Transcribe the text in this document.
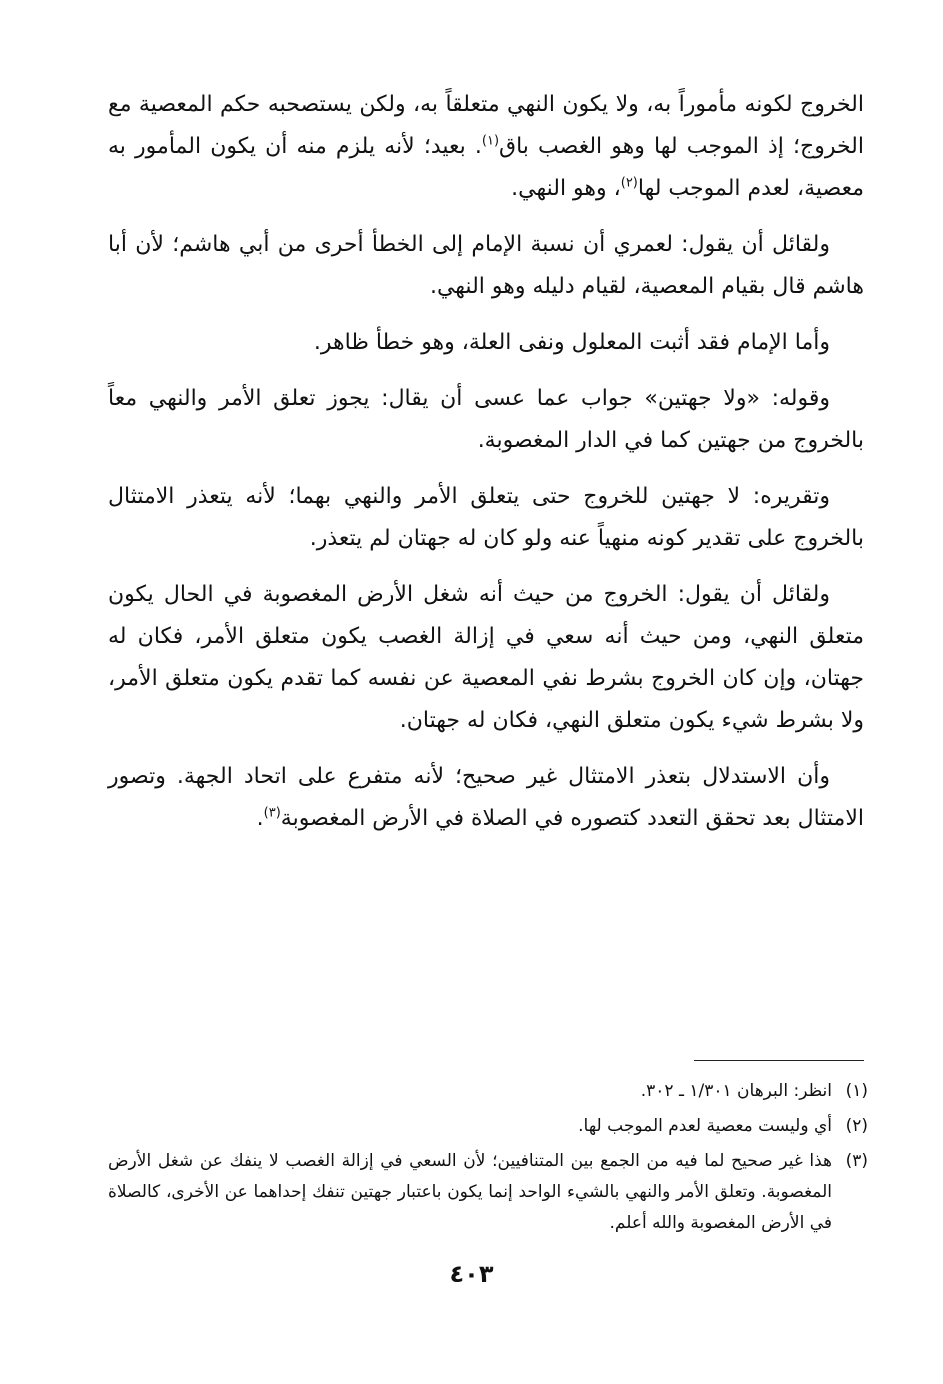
الخروج لكونه مأموراً به، ولا يكون النهي متعلقاً به، ولكن يستصحبه حكم المعصية مع الخروج؛ إذ الموجب لها وهو الغصب باق$^{(١)}$. بعيد؛ لأنه يلزم منه أن يكون المأمور به معصية، لعدم الموجب لها$^{(٢)}$، وهو النهي.

ولقائل أن يقول: لعمري أن نسبة الإمام إلى الخطأ أحرى من أبي هاشم؛ لأن أبا هاشم قال بقيام المعصية، لقيام دليله وهو النهي.

وأما الإمام فقد أثبت المعلول ونفى العلة، وهو خطأ ظاهر.

وقوله: «ولا جهتين» جواب عما عسى أن يقال: يجوز تعلق الأمر والنهي معاً بالخروج من جهتين كما في الدار المغصوبة.

وتقريره: لا جهتين للخروج حتى يتعلق الأمر والنهي بهما؛ لأنه يتعذر الامتثال بالخروج على تقدير كونه منهياً عنه ولو كان له جهتان لم يتعذر.

ولقائل أن يقول: الخروج من حيث أنه شغل الأرض المغصوبة في الحال يكون متعلق النهي، ومن حيث أنه سعي في إزالة الغصب يكون متعلق الأمر، فكان له جهتان، وإن كان الخروج بشرط نفي المعصية عن نفسه كما تقدم يكون متعلق الأمر، ولا بشرط شيء يكون متعلق النهي، فكان له جهتان.

وأن الاستدلال بتعذر الامتثال غير صحيح؛ لأنه متفرع على اتحاد الجهة. وتصور الامتثال بعد تحقق التعدد كتصوره في الصلاة في الأرض المغصوبة$^{(٣)}$.

(١)
انظر: البرهان ١/٣٠١ ـ ٣٠٢.
(٢)
أي وليست معصية لعدم الموجب لها.
(٣)
هذا غير صحيح لما فيه من الجمع بين المتنافيين؛ لأن السعي في إزالة الغصب لا ينفك عن شغل الأرض المغصوبة. وتعلق الأمر والنهي بالشيء الواحد إنما يكون باعتبار جهتين تنفك إحداهما عن الأخرى، كالصلاة في الأرض المغصوبة والله أعلم.
٤٠٣
